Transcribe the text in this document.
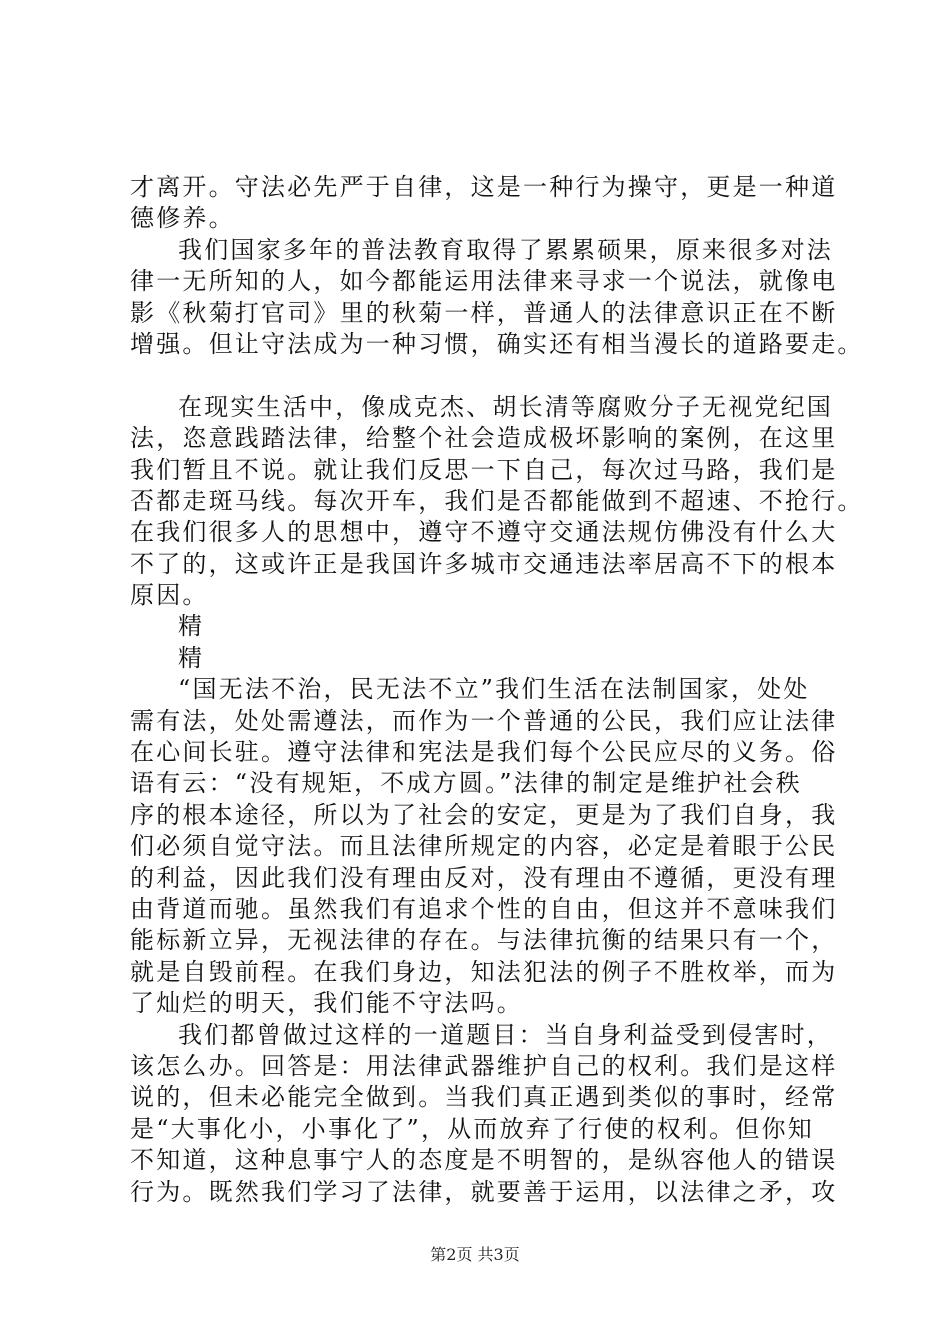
才离开。守法必先严于自律，这是一种行为操守，更是一种道
德修养。
我们国家多年的普法教育取得了累累硕果，原来很多对法
律一无所知的人，如今都能运用法律来寻求一个说法，就像电
影《秋菊打官司》里的秋菊一样，普通人的法律意识正在不断
增强。但让守法成为一种习惯，确实还有相当漫长的道路要走。
在现实生活中，像成克杰、胡长清等腐败分子无视党纪国
法，恣意践踏法律，给整个社会造成极坏影响的案例，在这里
我们暂且不说。就让我们反思一下自己，每次过马路，我们是
否都走斑马线。每次开车，我们是否都能做到不超速、不抢行。
在我们很多人的思想中，遵守不遵守交通法规仿佛没有什么大
不了的，这或许正是我国许多城市交通违法率居高不下的根本
原因。
精
精
“国无法不治，民无法不立”我们生活在法制国家，处处
需有法，处处需遵法，而作为一个普通的公民，我们应让法律
在心间长驻。遵守法律和宪法是我们每个公民应尽的义务。俗
语有云：“没有规矩，不成方圆。”法律的制定是维护社会秩
序的根本途径，所以为了社会的安定，更是为了我们自身，我
们必须自觉守法。而且法律所规定的内容，必定是着眼于公民
的利益，因此我们没有理由反对，没有理由不遵循，更没有理
由背道而驰。虽然我们有追求个性的自由，但这并不意味我们
能标新立异，无视法律的存在。与法律抗衡的结果只有一个，
就是自毁前程。在我们身边，知法犯法的例子不胜枚举，而为
了灿烂的明天，我们能不守法吗。
我们都曾做过这样的一道题目：当自身利益受到侵害时，
该怎么办。回答是：用法律武器维护自己的权利。我们是这样
说的，但未必能完全做到。当我们真正遇到类似的事时，经常
是“大事化小，小事化了”，从而放弃了行使的权利。但你知
不知道，这种息事宁人的态度是不明智的，是纵容他人的错误
行为。既然我们学习了法律，就要善于运用，以法律之矛，攻
第2页 共3页
